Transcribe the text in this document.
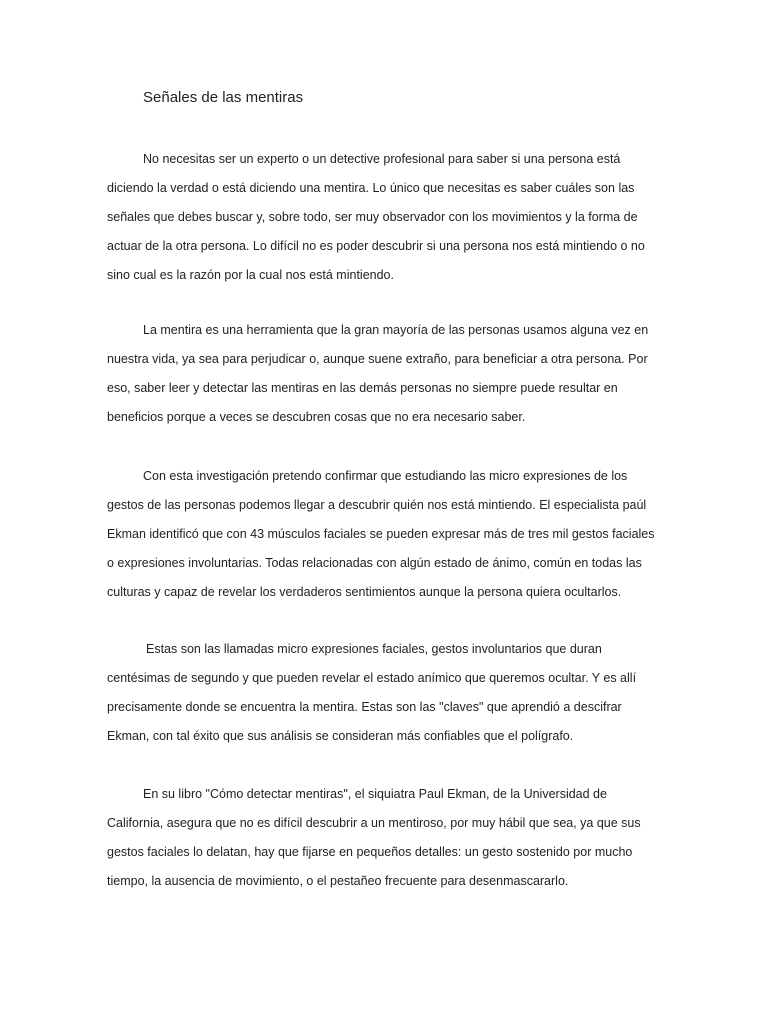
Señales de las mentiras
No necesitas ser un experto o un detective profesional para saber si una persona está
diciendo la verdad o está diciendo una mentira. Lo único que necesitas es saber cuáles son las
señales que debes buscar y, sobre todo, ser muy observador con los movimientos y la forma de
actuar de la otra persona. Lo difícil no es poder descubrir si una persona nos está mintiendo o no
sino cual es la razón por la cual nos está mintiendo.
La mentira es una herramienta que la gran mayoría de las personas usamos alguna vez en
nuestra vida, ya sea para perjudicar o, aunque suene extraño, para beneficiar a otra persona. Por
eso, saber leer y detectar las mentiras en las demás personas no siempre puede resultar en
beneficios porque a veces se descubren cosas que no era necesario saber.
Con esta investigación pretendo confirmar que estudiando las micro expresiones de los
gestos de las personas podemos llegar a descubrir quién nos está mintiendo. El especialista paúl
Ekman identificó que con 43 músculos faciales se pueden expresar más de tres mil gestos faciales
o expresiones involuntarias. Todas relacionadas con algún estado de ánimo, común en todas las
culturas y capaz de revelar los verdaderos sentimientos aunque la persona quiera ocultarlos.
Estas son las llamadas micro expresiones faciales, gestos involuntarios que duran
centésimas de segundo y que pueden revelar el estado anímico que queremos ocultar. Y es allí
precisamente donde se encuentra la mentira. Estas son las "claves" que aprendió a descifrar
Ekman, con tal éxito que sus análisis se consideran más confiables que el polígrafo.
En su libro "Cómo detectar mentiras", el siquiatra Paul Ekman, de la Universidad de
California, asegura que no es difícil descubrir a un mentiroso, por muy hábil que sea, ya que sus
gestos faciales lo delatan, hay que fijarse en pequeños detalles: un gesto sostenido por mucho
tiempo, la ausencia de movimiento, o el pestañeo frecuente para desenmascararlo.
